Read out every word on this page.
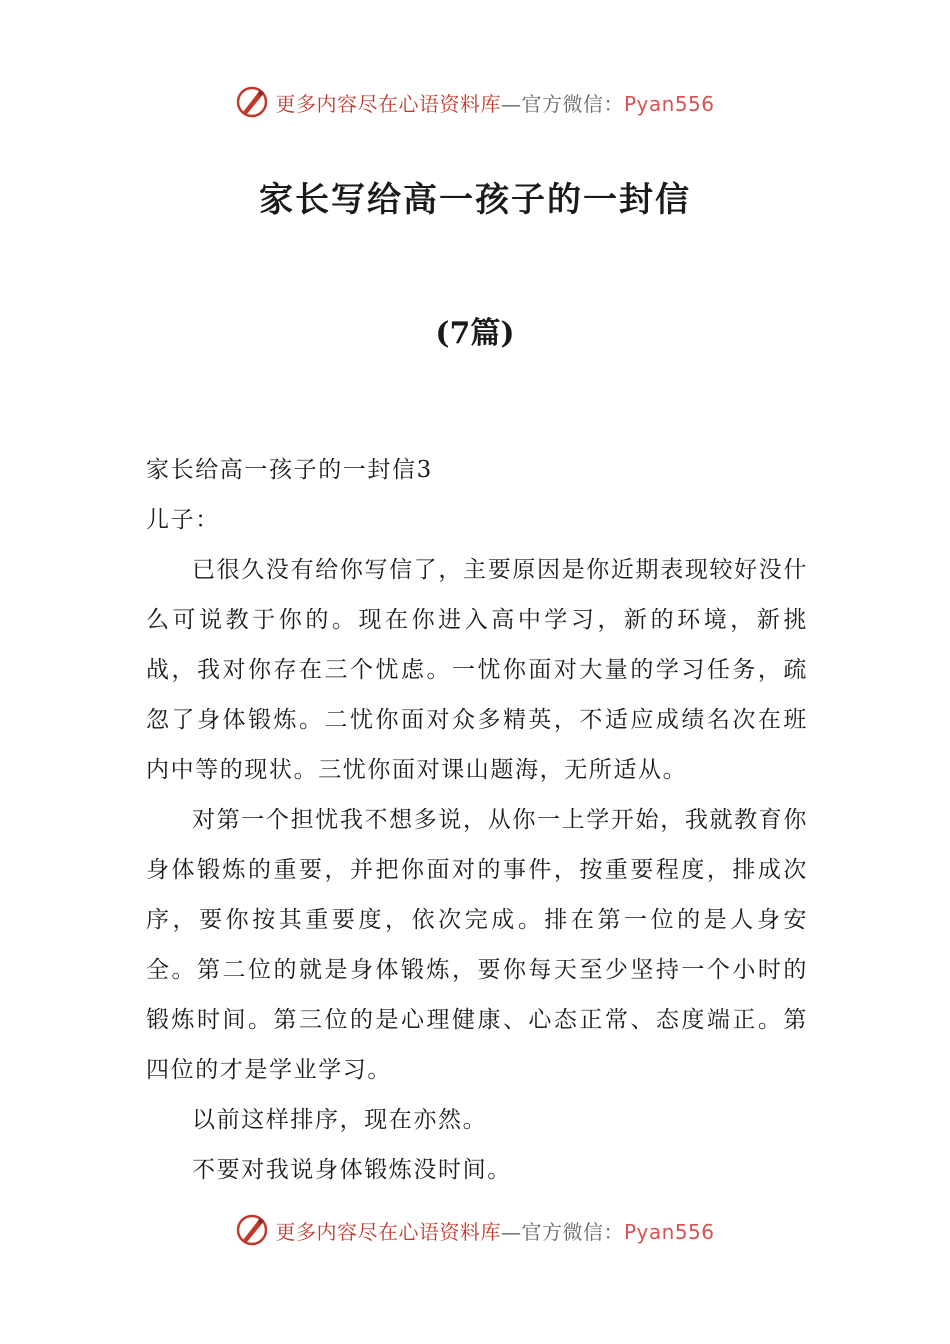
更多内容尽在心语资料库—官方微信：Pyan556
家长写给高一孩子的一封信
(7篇)

家长给高一孩子的一封信3

儿子：

已很久没有给你写信了，主要原因是你近期表现较好没什么可说教于你的。现在你进入高中学习，新的环境，新挑战，我对你存在三个忧虑。一忧你面对大量的学习任务，疏忽了身体锻炼。二忧你面对众多精英，不适应成绩名次在班内中等的现状。三忧你面对课山题海，无所适从。

对第一个担忧我不想多说，从你一上学开始，我就教育你身体锻炼的重要，并把你面对的事件，按重要程度，排成次序，要你按其重要度，依次完成。排在第一位的是人身安全。第二位的就是身体锻炼，要你每天至少坚持一个小时的锻炼时间。第三位的是心理健康、心态正常、态度端正。第四位的才是学业学习。

以前这样排序，现在亦然。

不要对我说身体锻炼没时间。

更多内容尽在心语资料库—官方微信：Pyan556
